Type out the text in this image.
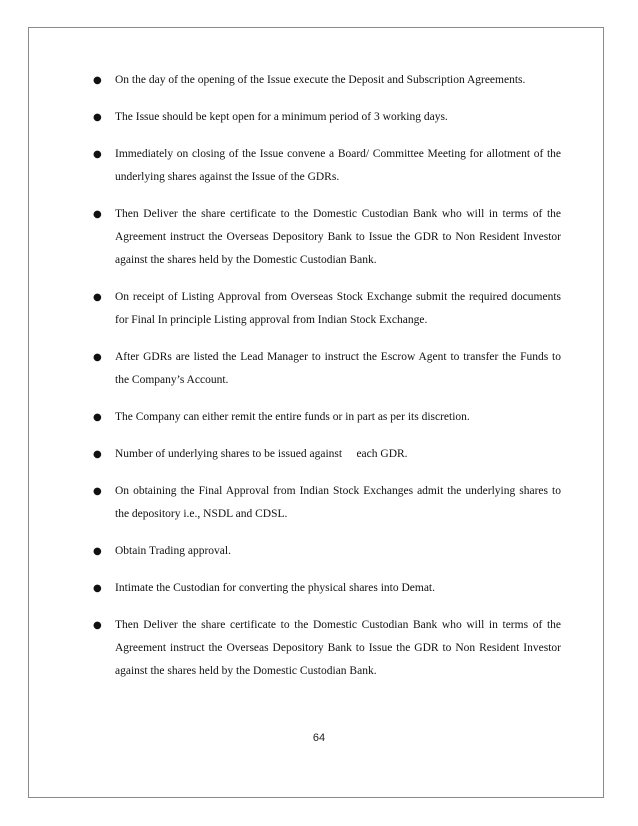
● On the day of the opening of the Issue execute the Deposit and Subscription Agreements.
● The Issue should be kept open for a minimum period of 3 working days.
● Immediately on closing of the Issue convene a Board/ Committee Meeting for allotment of the underlying shares against the Issue of the GDRs.
● Then Deliver the share certificate to the Domestic Custodian Bank who will in terms of the Agreement instruct the Overseas Depository Bank to Issue the GDR to Non Resident Investor against the shares held by the Domestic Custodian Bank.
● On receipt of Listing Approval from Overseas Stock Exchange submit the required documents for Final In principle Listing approval from Indian Stock Exchange.
● After GDRs are listed the Lead Manager to instruct the Escrow Agent to transfer the Funds to the Company’s Account.
● The Company can either remit the entire funds or in part as per its discretion.
● Number of underlying shares to be issued against     each GDR.
● On obtaining the Final Approval from Indian Stock Exchanges admit the underlying shares to the depository i.e., NSDL and CDSL.
● Obtain Trading approval.
● Intimate the Custodian for converting the physical shares into Demat.
● Then Deliver the share certificate to the Domestic Custodian Bank who will in terms of the Agreement instruct the Overseas Depository Bank to Issue the GDR to Non Resident Investor against the shares held by the Domestic Custodian Bank.
64
